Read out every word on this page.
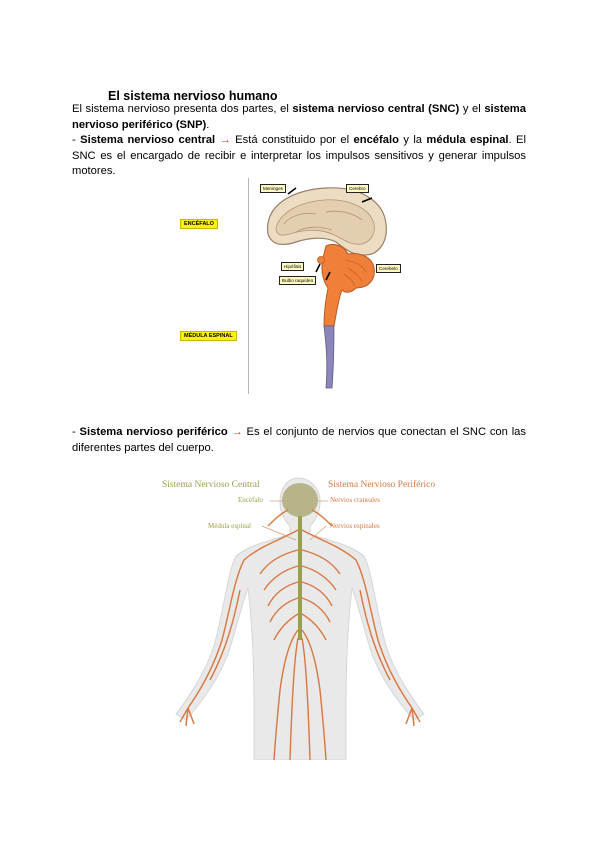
El sistema nervioso humano
El sistema nervioso presenta dos partes, el sistema nervioso central (SNC) y el sistema nervioso periférico (SNP).
- Sistema nervioso central → Está constituido por el encéfalo y la médula espinal. El SNC es el encargado de recibir e interpretar los impulsos sensitivos y generar impulsos motores.
Meninges	Cerebro
Hipófisis
Bulbo raquídeo
Cerebelo
ENCÉFALO
MÉDULA ESPINAL
- Sistema nervioso periférico → Es el conjunto de nervios que conectan el SNC con las diferentes partes del cuerpo.
Sistema Nervioso Central	Sistema Nervioso Periférico
Encéfalo
Médula espinal
Nervios craneales
Nervios espinales
